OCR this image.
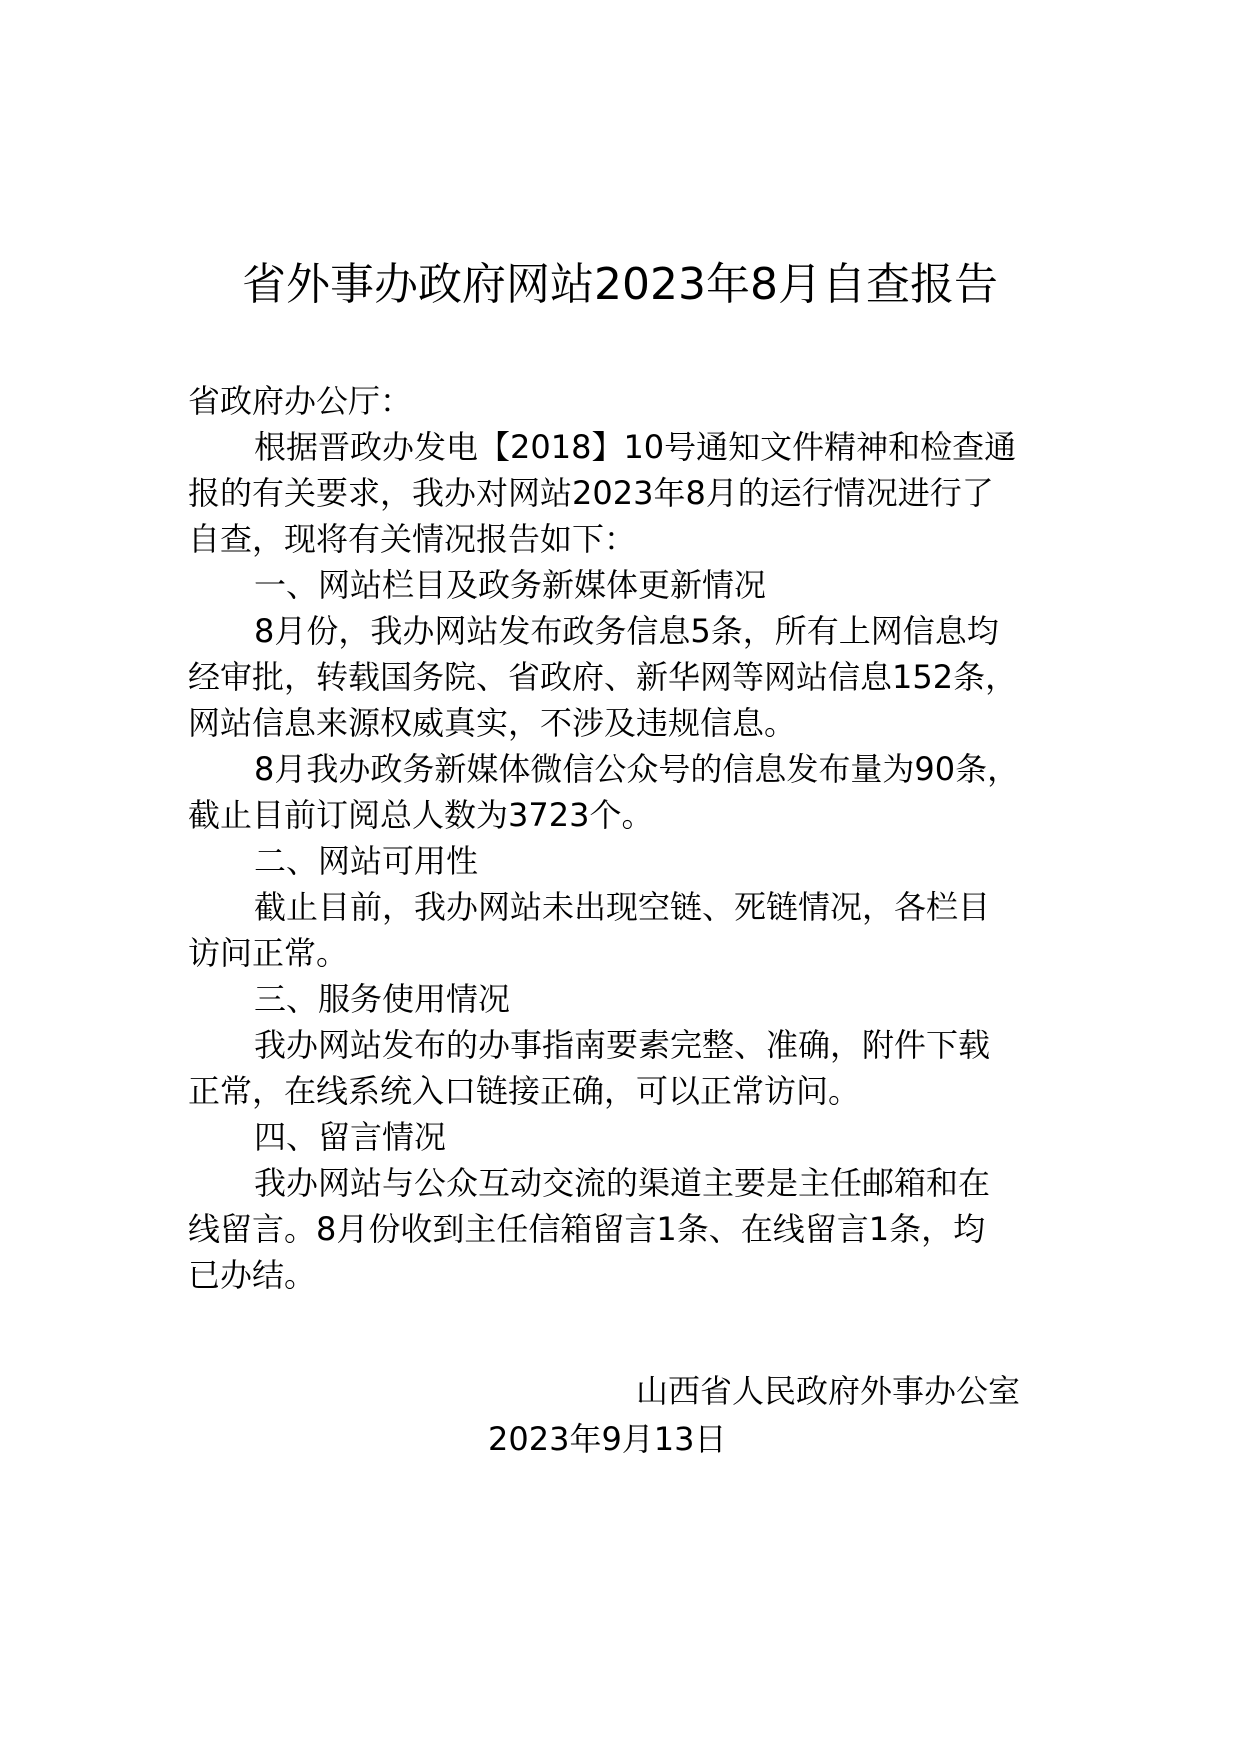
省外事办政府网站2023年8月自查报告

省政府办公厅：

根据晋政办发电【2018】10号通知文件精神和检查通

报的有关要求，我办对网站2023年8月的运行情况进行了

自查，现将有关情况报告如下：

一、网站栏目及政务新媒体更新情况

8月份，我办网站发布政务信息5条，所有上网信息均

经审批，转载国务院、省政府、新华网等网站信息152条，

网站信息来源权威真实，不涉及违规信息。

8月我办政务新媒体微信公众号的信息发布量为90条，

截止目前订阅总人数为3723个。

二、网站可用性

截止目前，我办网站未出现空链、死链情况，各栏目

访问正常。

三、服务使用情况

我办网站发布的办事指南要素完整、准确，附件下载

正常，在线系统入口链接正确，可以正常访问。

四、留言情况

我办网站与公众互动交流的渠道主要是主任邮箱和在

线留言。8月份收到主任信箱留言1条、在线留言1条，均

已办结。

山西省人民政府外事办公室
2023年9月13日
